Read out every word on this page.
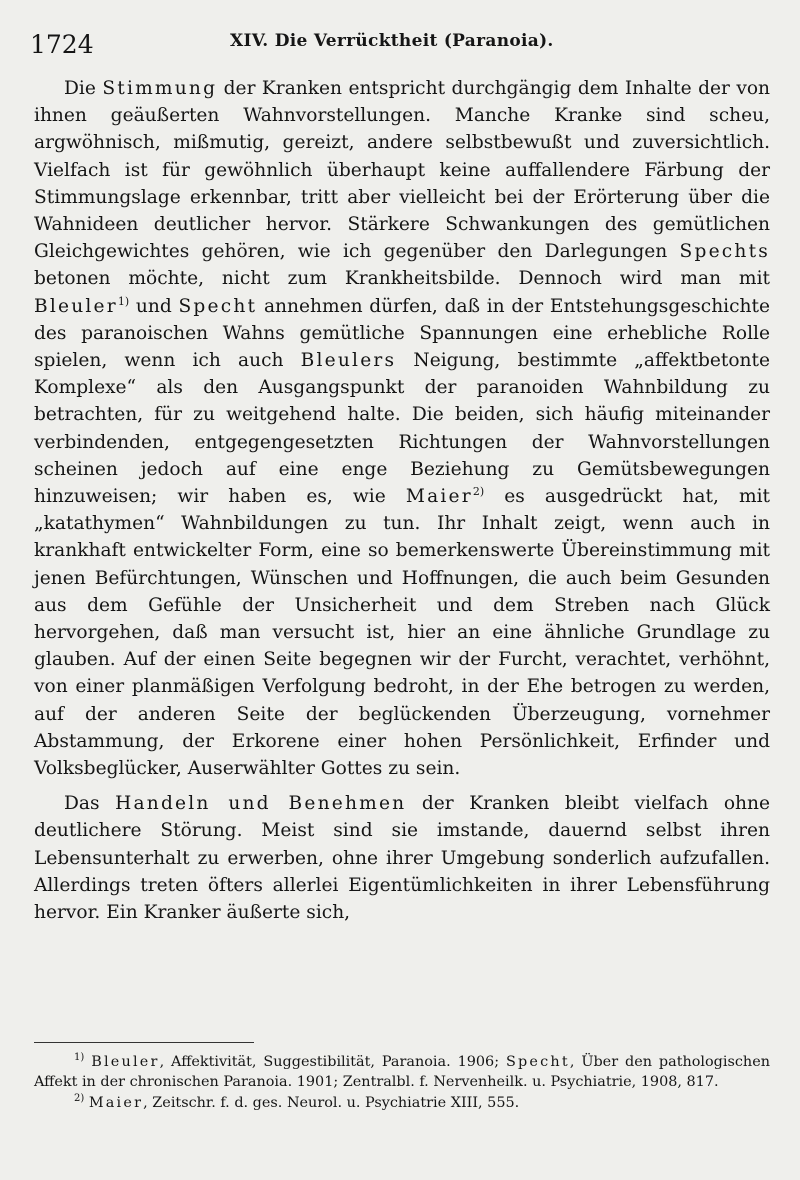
1724	XIV. Die Verrücktheit (Paranoia).

Die Stimmung der Kranken entspricht durchgängig dem Inhalte der von ihnen geäußerten Wahnvorstellungen. Manche Kranke sind scheu, argwöhnisch, mißmutig, gereizt, andere selbstbewußt und zuversichtlich. Vielfach ist für gewöhnlich überhaupt keine auffallendere Färbung der Stimmungslage erkennbar, tritt aber vielleicht bei der Erörterung über die Wahnideen deutlicher hervor. Stärkere Schwankungen des gemütlichen Gleichgewichtes gehören, wie ich gegenüber den Darlegungen Spechts betonen möchte, nicht zum Krankheitsbilde. Dennoch wird man mit Bleuler$^{1)}$ und Specht annehmen dürfen, daß in der Entstehungsgeschichte des paranoischen Wahns gemütliche Spannungen eine erhebliche Rolle spielen, wenn ich auch Bleulers Neigung, bestimmte „affektbetonte Komplexe“ als den Ausgangspunkt der paranoiden Wahnbildung zu betrachten, für zu weitgehend halte. Die beiden, sich häufig miteinander verbindenden, entgegengesetzten Richtungen der Wahnvorstellungen scheinen jedoch auf eine enge Beziehung zu Gemütsbewegungen hinzuweisen; wir haben es, wie Maier$^{2)}$ es ausgedrückt hat, mit „katathymen“ Wahnbildungen zu tun. Ihr Inhalt zeigt, wenn auch in krankhaft entwickelter Form, eine so bemerkenswerte Übereinstimmung mit jenen Befürchtungen, Wünschen und Hoffnungen, die auch beim Gesunden aus dem Gefühle der Unsicherheit und dem Streben nach Glück hervorgehen, daß man versucht ist, hier an eine ähnliche Grundlage zu glauben. Auf der einen Seite begegnen wir der Furcht, verachtet, verhöhnt, von einer planmäßigen Verfolgung bedroht, in der Ehe betrogen zu werden, auf der anderen Seite der beglückenden Überzeugung, vornehmer Abstammung, der Erkorene einer hohen Persönlichkeit, Erfinder und Volksbeglücker, Auserwählter Gottes zu sein.

Das Handeln und Benehmen der Kranken bleibt vielfach ohne deutlichere Störung. Meist sind sie imstande, dauernd selbst ihren Lebensunterhalt zu erwerben, ohne ihrer Umgebung sonderlich aufzufallen. Allerdings treten öfters allerlei Eigentümlichkeiten in ihrer Lebensführung hervor. Ein Kranker äußerte sich,

$^{1)}$ Bleuler, Affektivität, Suggestibilität, Paranoia. 1906; Specht, Über den pathologischen Affekt in der chronischen Paranoia. 1901; Zentralbl. f. Nervenheilk. u. Psychiatrie, 1908, 817.

$^{2)}$ Maier, Zeitschr. f. d. ges. Neurol. u. Psychiatrie XIII, 555.
